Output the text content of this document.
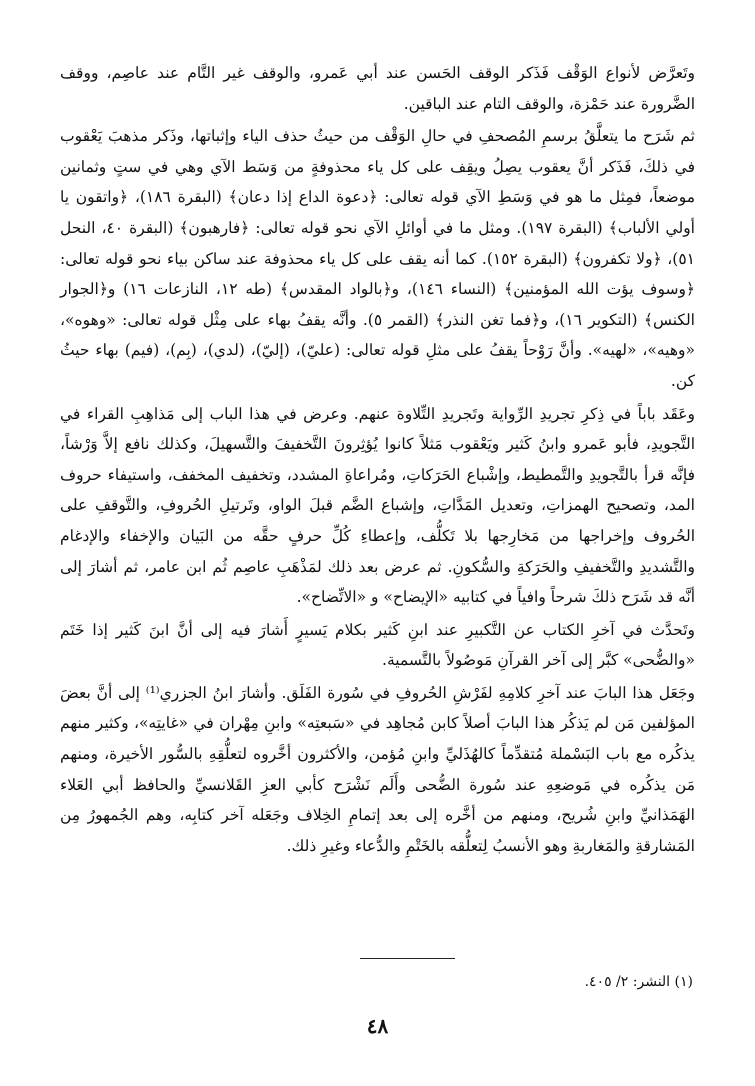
وتَعرَّض لأنواع الوَقْف فَذَكر الوقف الحَسن عند أبي عَمرو، والوقف غير التَّام عند عاصِم، ووقف الضَّرورة عند حَمْزة، والوقف التام عند الباقين.

ثم شَرَح ما يتعلَّقُ برسمِ المُصحفِ في حالِ الوَقْف من حيثُ حذف الياء وإثباتها، وذَكر مذهبَ يَعْقوب في ذلكَ، فَذَكر أنَّ يعقوب يصِلُ ويقِف على كل ياء محذوفةٍ من وَسَط الآي وهي في ستٍ وثمانين موضعاً، فمِثل ما هو في وَسَطِ الآي قوله تعالى: ﴿دعوة الداع إذا دعان﴾ (البقرة ١٨٦)، ﴿واتقون يا أولي الألباب﴾ (البقرة ١٩٧). ومثل ما في أوائلِ الآي نحو قوله تعالى: ﴿فارهبون﴾ (البقرة ٤٠، النحل ٥١)، ﴿ولا تكفرون﴾ (البقرة ١٥٢). كما أنه يقف على كل ياء محذوفة عند ساكن بياء نحو قوله تعالى: ﴿وسوف يؤت الله المؤمنين﴾ (النساء ١٤٦)، و﴿بالواد المقدس﴾ (طه ١٢، النازعات ١٦) و﴿الجوار الكنس﴾ (التكوير ١٦)، و﴿فما تغن النذر﴾ (القمر ٥). وأنَّه يقفُ بهاء على مِثْل قوله تعالى: «وهوه»، «وهيه»، «لهيه». وأنَّ رَوْحاً يقفُ على مثلِ قوله تعالى: (عليّ)، (إليّ)، (لدي)، (بِم)، (فيم) بهاء حيثُ كن.

وعَقَد باباً في ذِكرِ تجريدِ الرِّواية وتَجريدِ التِّلاوة عنهم. وعرض في هذا الباب إلى مَذاهِبِ القراء في التَّجويدِ، فأبو عَمرو وابنُ كَثير ويَعْقوب مَثلاً كانوا يُؤثِرونَ التَّخفيفَ والتَّسهيلَ، وكذلك نافع إلاَّ وَرْشاً، فإنَّه قرأ بالتَّجويدِ والتَّمطيط، وإشْباع الحَرَكاتِ، ومُراعاةِ المشدد، وتخفيف المخفف، واستيفاء حروف المد، وتصحيح الهمزاتِ، وتعديل المَدَّاتِ، وإشباع الضَّم قبلَ الواو، وتَرتيلِ الحُروفِ، والتَّوقفِ على الحُروف وإخراجها من مَخارِجها بلا تَكلُّف، وإعطاءِ كُلِّ حرفٍ حقَّه من البَيان والإخفاء والإدغام والتَّشديدِ والتَّخفيفِ والحَرَكةِ والسُّكونِ. ثم عرض بعد ذلك لمَذْهَبِ عاصِم ثُم ابن عامر، ثم أشارَ إلى أنَّه قد شَرَح ذلكَ شرحاً وافياً في كتابيه «الإيضاح» و «الاتِّضاح».

وتَحدَّث في آخرِ الكتاب عن التَّكبيرِ عند ابنِ كَثير بكلام يَسيرٍ أَشارَ فيه إلى أنَّ ابنَ كَثير إذا خَتَم «والضُّحى» كبَّر إلى آخر القرآنِ مَوصُولاً بالتَّسمية.

وجَعَل هذا البابَ عند آخرِ كلامِهِ لفَرْشِ الحُروفِ في سُورة الفَلَق. وأشارَ ابنُ الجزري⁽¹⁾ إلى أنَّ بعضَ المؤلفين مَن لم يَذكُر هذا البابَ أصلاً كابن مُجاهِد في «سَبعتِه» وابنِ مِهْران في «غايتِه»، وكثير منهم يذكُره مع باب البَسْملة مُتقدِّماً كالهُذَليِّ وابنِ مُؤمن، والأكثرون أخَّروه لتعلُّقِهِ بالسُّور الأخيرة، ومنهم مَن يذكُره في مَوضعِهِ عند سُورة الضُّحى وأَلَم نَشْرَح كأبي العزِ القَلانسيِّ والحافظ أبي العَلاء الهَمَذانيِّ وابنِ شُريح، ومنهم من أخَّره إلى بعد إتمامِ الخِلاف وجَعَله آخر كتابِه، وهم الجُمهورُ مِن المَشارقةِ والمَغاربةِ وهو الأنسبُ لِتعلُّقه بالخَتْمِ والدُّعاء وغيرِ ذلك.

(١) النشر: ٢/ ٤٠٥.

٤٨
